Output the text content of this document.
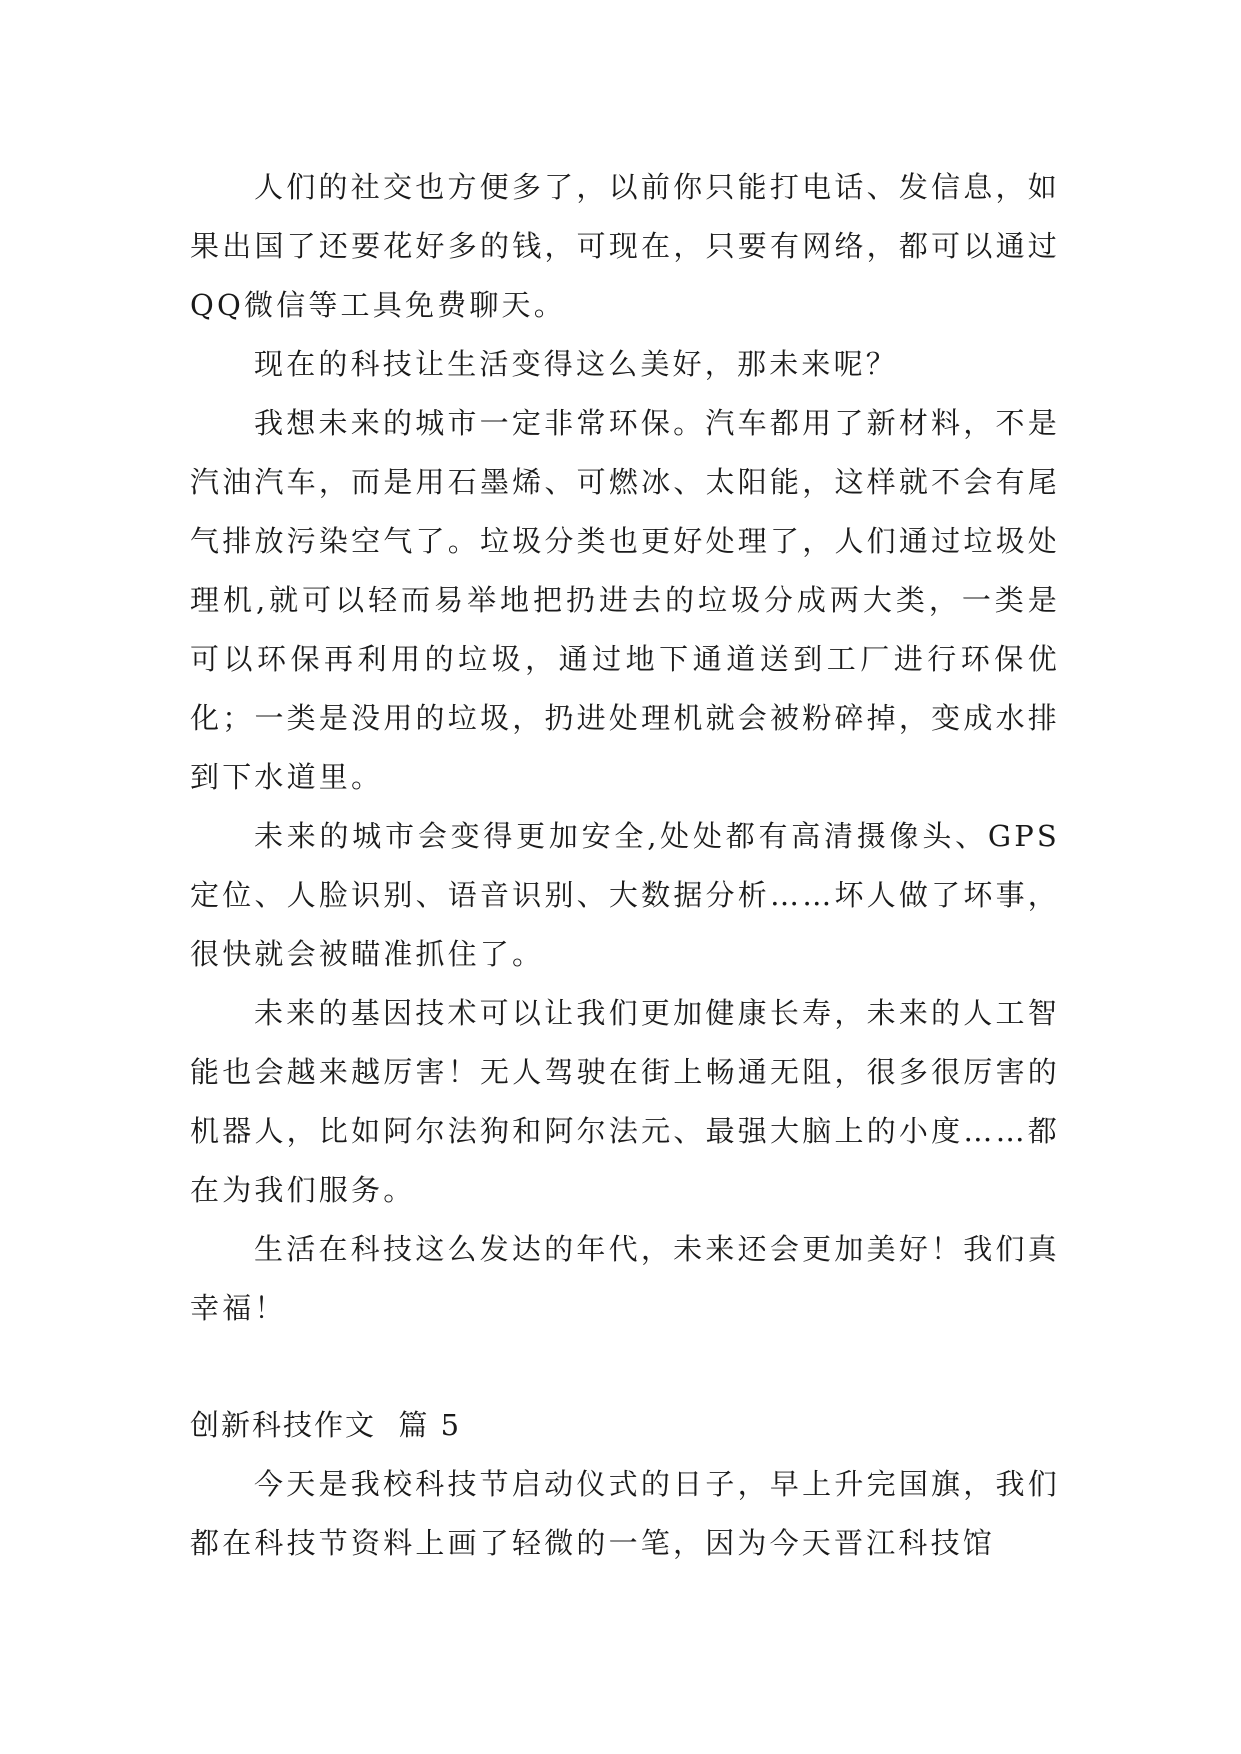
人们的社交也方便多了，以前你只能打电话、发信息，如果出国了还要花好多的钱，可现在，只要有网络，都可以通过QQ微信等工具免费聊天。

现在的科技让生活变得这么美好，那未来呢？

我想未来的城市一定非常环保。汽车都用了新材料，不是汽油汽车，而是用石墨烯、可燃冰、太阳能，这样就不会有尾气排放污染空气了。垃圾分类也更好处理了，人们通过垃圾处理机,就可以轻而易举地把扔进去的垃圾分成两大类，一类是可以环保再利用的垃圾，通过地下通道送到工厂进行环保优化；一类是没用的垃圾，扔进处理机就会被粉碎掉，变成水排到下水道里。

未来的城市会变得更加安全,处处都有高清摄像头、GPS定位、人脸识别、语音识别、大数据分析……坏人做了坏事，很快就会被瞄准抓住了。

未来的基因技术可以让我们更加健康长寿，未来的人工智能也会越来越厉害！无人驾驶在街上畅通无阻，很多很厉害的机器人，比如阿尔法狗和阿尔法元、最强大脑上的小度……都在为我们服务。

生活在科技这么发达的年代，未来还会更加美好！我们真幸福！

创新科技作文  篇 5

今天是我校科技节启动仪式的日子，早上升完国旗，我们都在科技节资料上画了轻微的一笔，因为今天晋江科技馆
